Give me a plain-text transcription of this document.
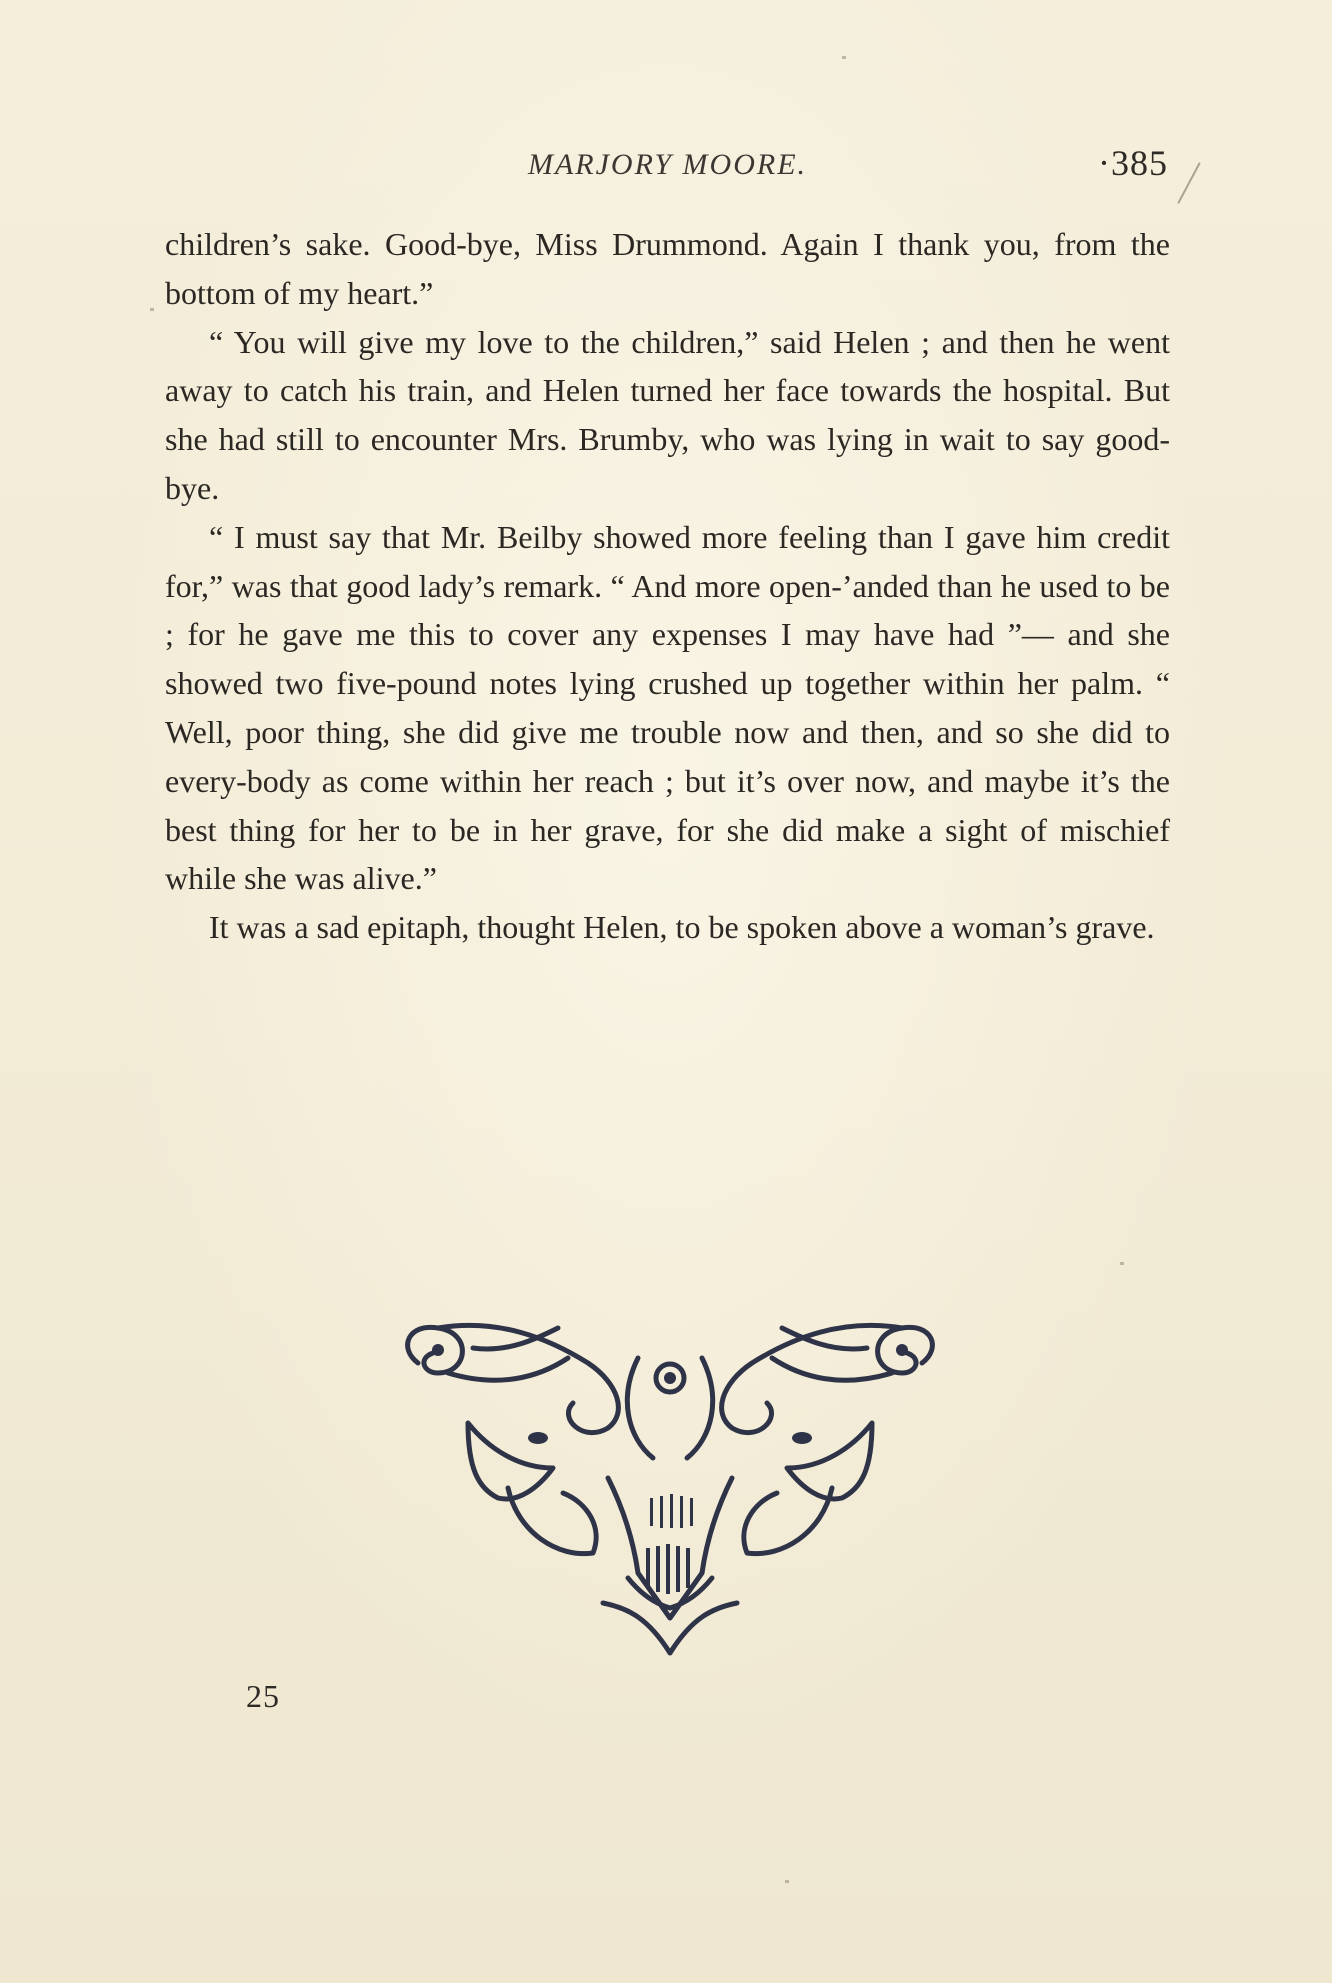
MARJORY MOORE.	·385

children’s sake. Good-bye, Miss Drummond. Again I thank you, from the bottom of my heart.”

“ You will give my love to the children,” said Helen ; and then he went away to catch his train, and Helen turned her face towards the hospital. But she had still to encounter Mrs. Brumby, who was lying in wait to say good-bye.

“ I must say that Mr. Beilby showed more feeling than I gave him credit for,” was that good lady’s remark. “ And more open-’anded than he used to be ; for he gave me this to cover any expenses I may have had ”— and she showed two five-pound notes lying crushed up together within her palm. “ Well, poor thing, she did give me trouble now and then, and so she did to every-body as come within her reach ; but it’s over now, and maybe it’s the best thing for her to be in her grave, for she did make a sight of mischief while she was alive.”

It was a sad epitaph, thought Helen, to be spoken above a woman’s grave.

25
